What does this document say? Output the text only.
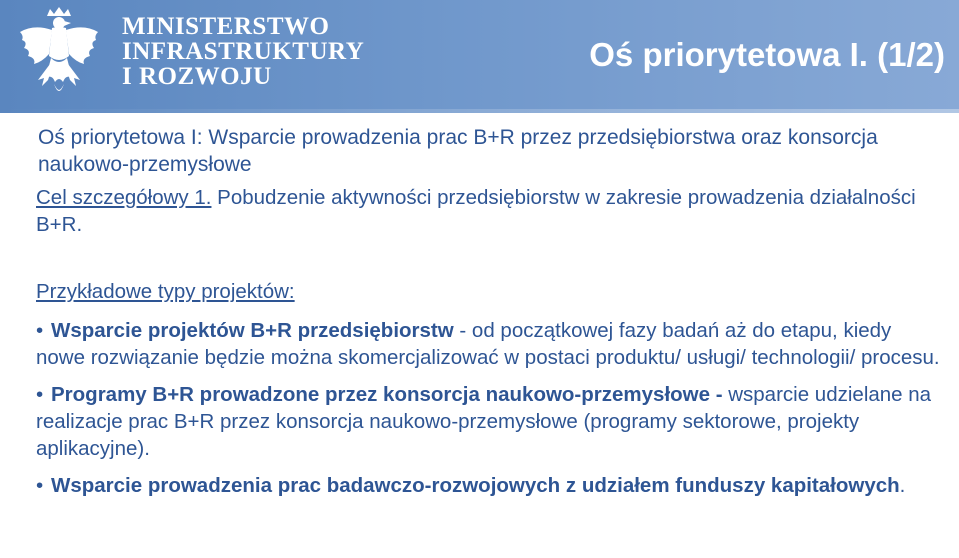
MINISTERSTWO
INFRASTRUKTURY
I ROZWOJU
Oś priorytetowa I. (1/2)
Oś priorytetowa I: Wsparcie prowadzenia prac B+R przez przedsiębiorstwa oraz konsorcja naukowo-przemysłowe
Cel szczegółowy 1. Pobudzenie aktywności przedsiębiorstw w zakresie prowadzenia działalności B+R.
Przykładowe typy projektów:
• Wsparcie projektów B+R przedsiębiorstw - od początkowej fazy badań aż do etapu, kiedy nowe rozwiązanie będzie można skomercjalizować w postaci produktu/ usługi/ technologii/ procesu.
• Programy B+R prowadzone przez konsorcja naukowo-przemysłowe - wsparcie udzielane na realizacje prac B+R przez konsorcja naukowo-przemysłowe (programy sektorowe, projekty aplikacyjne).
• Wsparcie prowadzenia prac badawczo-rozwojowych z udziałem funduszy kapitałowych.
